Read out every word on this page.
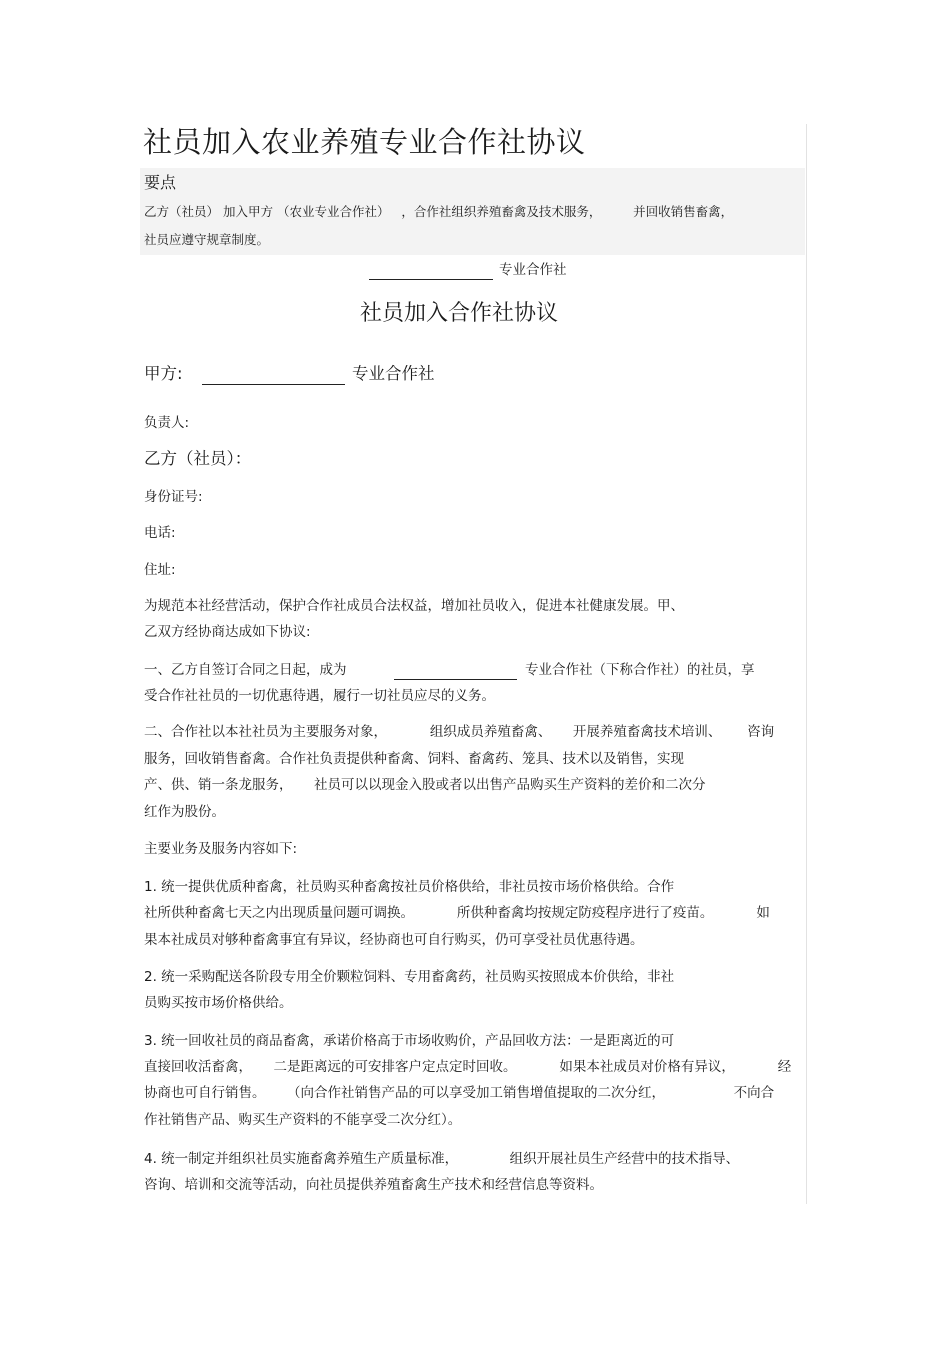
社员加入农业养殖专业合作社协议
要点
乙方（社员） 加入甲方 （农业专业合作社）   ，合作社组织养殖畜禽及技术服务，        并回收销售畜禽，
社员应遵守规章制度。
专业合作社
社员加入合作社协议
甲方:	专业合作社
负责人:
乙方（社员）：
身份证号:
电话:
住址:
为规范本社经营活动，保护合作社成员合法权益，增加社员收入，促进本社健康发展。甲、
乙双方经协商达成如下协议:
一、乙方自签订合同之日起，成为	专业合作社（下称合作社）的社员，享
受合作社社员的一切优惠待遇，履行一切社员应尽的义务。
二、合作社以本社社员为主要服务对象，          组织成员养殖畜禽、     开展养殖畜禽技术培训、      咨询
服务，回收销售畜禽。合作社负责提供种畜禽、饲料、畜禽药、笼具、技术以及销售，实现
产、供、销一条龙服务，     社员可以以现金入股或者以出售产品购买生产资料的差价和二次分
红作为股份。
主要业务及服务内容如下:
1. 统一提供优质种畜禽，社员购买种畜禽按社员价格供给，非社员按市场价格供给。合作
社所供种畜禽七天之内出现质量问题可调换。          所供种畜禽均按规定防疫程序进行了疫苗。          如
果本社成员对够种畜禽事宜有异议，经协商也可自行购买，仍可享受社员优惠待遇。
2. 统一采购配送各阶段专用全价颗粒饲料、专用畜禽药，社员购买按照成本价供给，非社
员购买按市场价格供给。
3. 统一回收社员的商品畜禽，承诺价格高于市场收购价，产品回收方法：一是距离近的可
直接回收活畜禽，     二是距离远的可安排客户定点定时回收。          如果本社成员对价格有异议，          经
协商也可自行销售。     （向合作社销售产品的可以享受加工销售增值提取的二次分红，                不向合
作社销售产品、购买生产资料的不能享受二次分红）。
4. 统一制定并组织社员实施畜禽养殖生产质量标准，            组织开展社员生产经营中的技术指导、
咨询、培训和交流等活动，向社员提供养殖畜禽生产技术和经营信息等资料。
